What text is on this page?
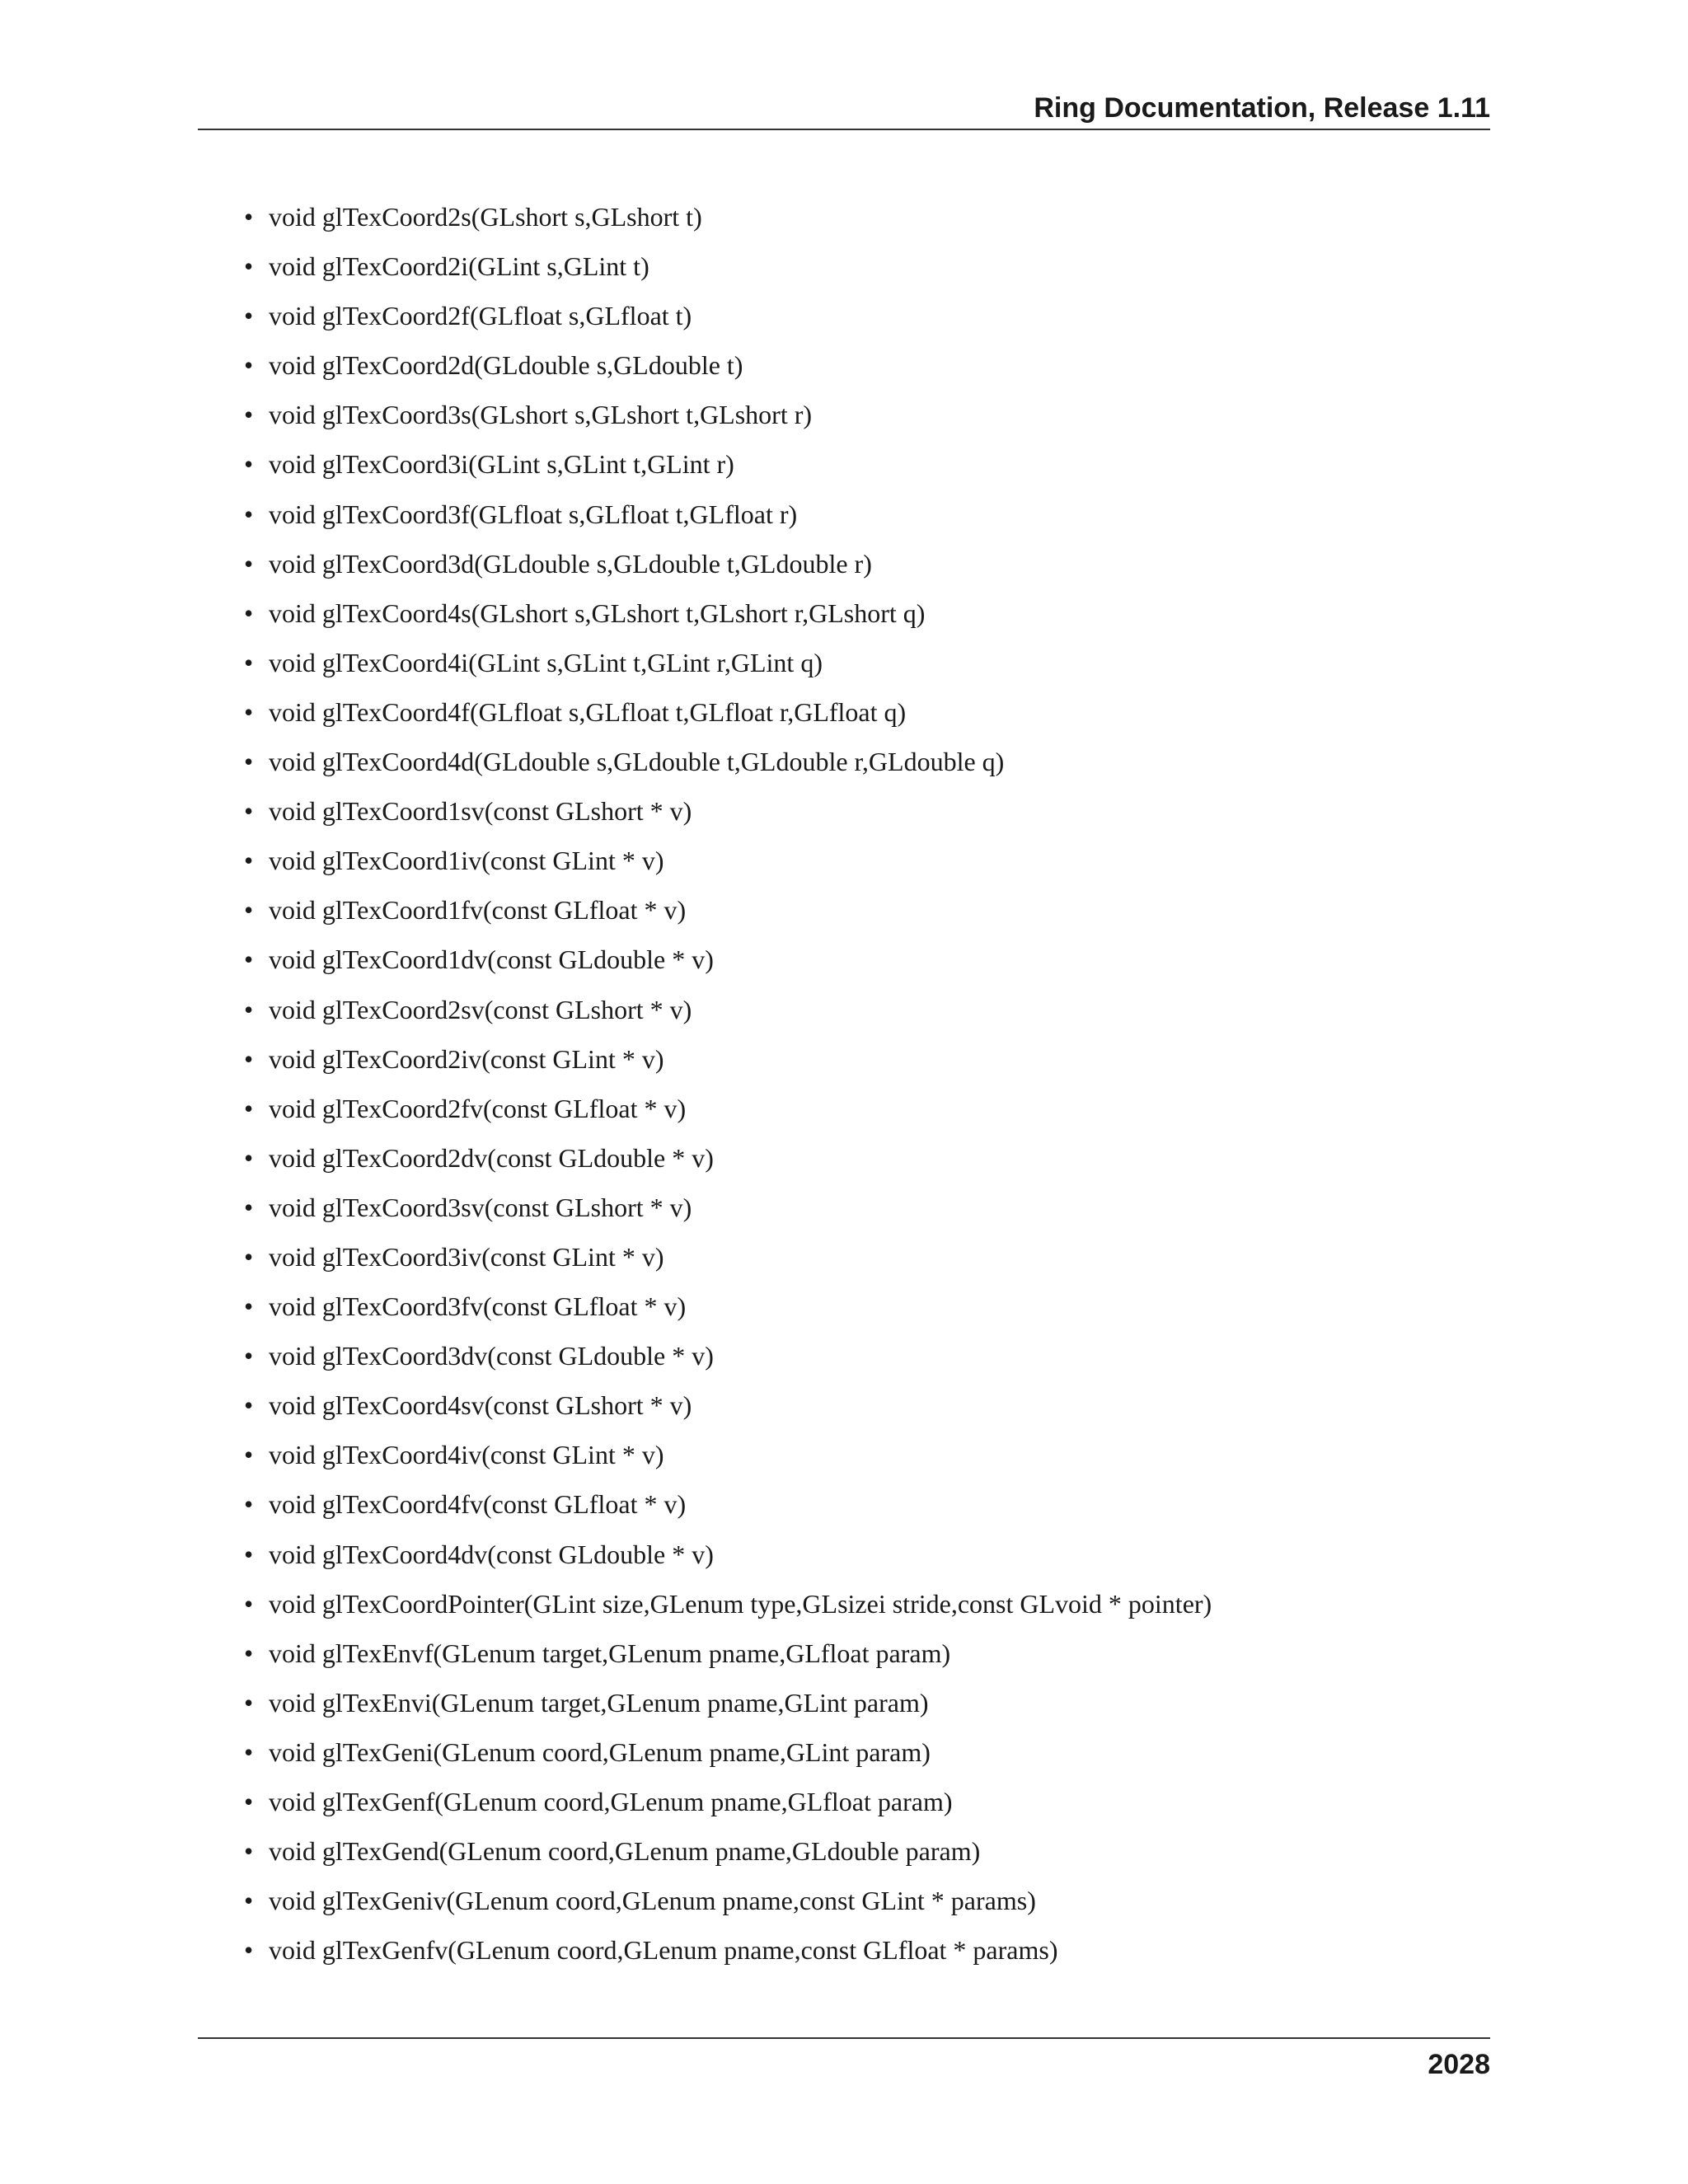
Ring Documentation, Release 1.11
• void glTexCoord2s(GLshort s,GLshort t)
• void glTexCoord2i(GLint s,GLint t)
• void glTexCoord2f(GLfloat s,GLfloat t)
• void glTexCoord2d(GLdouble s,GLdouble t)
• void glTexCoord3s(GLshort s,GLshort t,GLshort r)
• void glTexCoord3i(GLint s,GLint t,GLint r)
• void glTexCoord3f(GLfloat s,GLfloat t,GLfloat r)
• void glTexCoord3d(GLdouble s,GLdouble t,GLdouble r)
• void glTexCoord4s(GLshort s,GLshort t,GLshort r,GLshort q)
• void glTexCoord4i(GLint s,GLint t,GLint r,GLint q)
• void glTexCoord4f(GLfloat s,GLfloat t,GLfloat r,GLfloat q)
• void glTexCoord4d(GLdouble s,GLdouble t,GLdouble r,GLdouble q)
• void glTexCoord1sv(const GLshort * v)
• void glTexCoord1iv(const GLint * v)
• void glTexCoord1fv(const GLfloat * v)
• void glTexCoord1dv(const GLdouble * v)
• void glTexCoord2sv(const GLshort * v)
• void glTexCoord2iv(const GLint * v)
• void glTexCoord2fv(const GLfloat * v)
• void glTexCoord2dv(const GLdouble * v)
• void glTexCoord3sv(const GLshort * v)
• void glTexCoord3iv(const GLint * v)
• void glTexCoord3fv(const GLfloat * v)
• void glTexCoord3dv(const GLdouble * v)
• void glTexCoord4sv(const GLshort * v)
• void glTexCoord4iv(const GLint * v)
• void glTexCoord4fv(const GLfloat * v)
• void glTexCoord4dv(const GLdouble * v)
• void glTexCoordPointer(GLint size,GLenum type,GLsizei stride,const GLvoid * pointer)
• void glTexEnvf(GLenum target,GLenum pname,GLfloat param)
• void glTexEnvi(GLenum target,GLenum pname,GLint param)
• void glTexGeni(GLenum coord,GLenum pname,GLint param)
• void glTexGenf(GLenum coord,GLenum pname,GLfloat param)
• void glTexGend(GLenum coord,GLenum pname,GLdouble param)
• void glTexGeniv(GLenum coord,GLenum pname,const GLint * params)
• void glTexGenfv(GLenum coord,GLenum pname,const GLfloat * params)
2028
